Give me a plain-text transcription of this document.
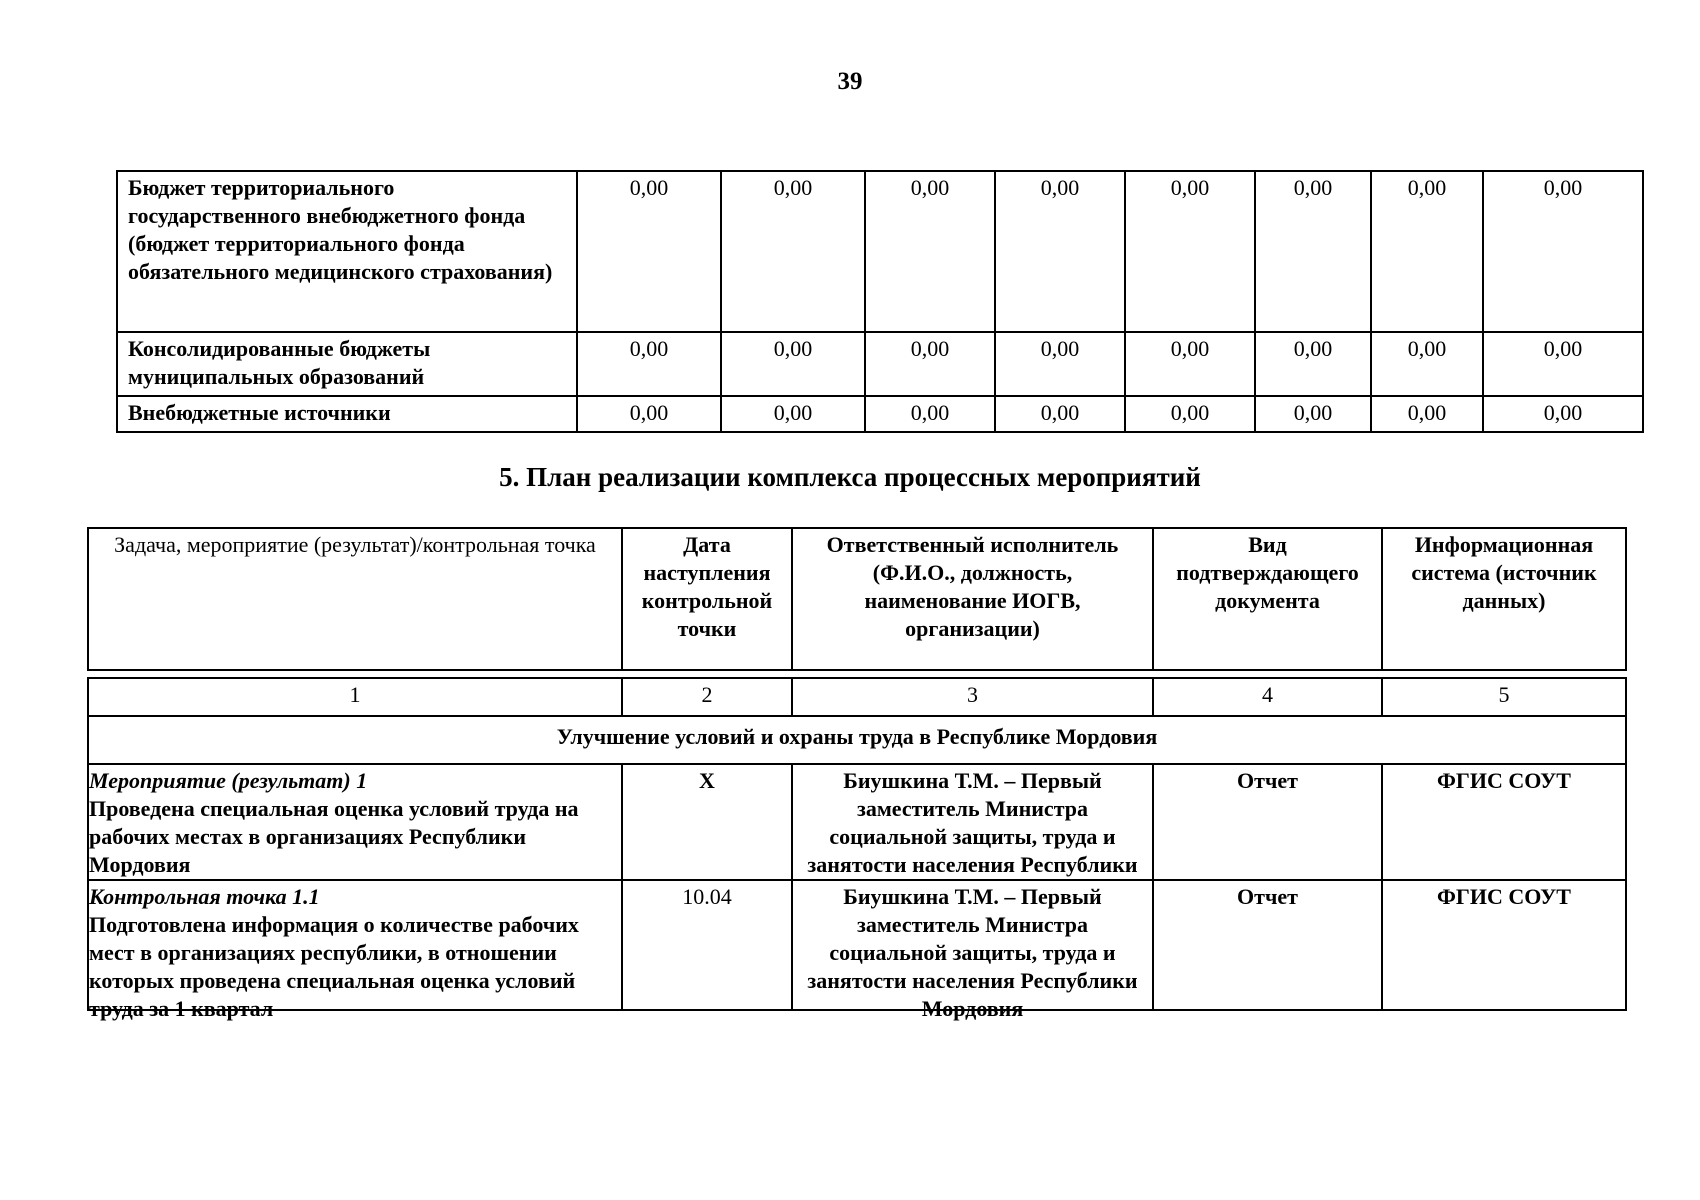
39
Бюджет территориального государственного внебюджетного фонда (бюджет территориального фонда обязательного медицинского страхования)	0,00	0,00	0,00	0,00	0,00	0,00	0,00	0,00
Консолидированные бюджеты муниципальных образований	0,00	0,00	0,00	0,00	0,00	0,00	0,00	0,00
Внебюджетные источники	0,00	0,00	0,00	0,00	0,00	0,00	0,00	0,00
5. План реализации комплекса процессных мероприятий
Задача, мероприятие (результат)/контрольная точка	Дата наступления контрольной точки	Ответственный исполнитель (Ф.И.О., должность, наименование ИОГВ, организации)	Вид подтверждающего документа	Информационная система (источник данных)
1	2	3	4	5
Улучшение условий и охраны труда в Республике Мордовия				

Мероприятие (результат) 1
Проведена специальная оценка условий труда на рабочих местах в организациях Республики Мордовия	X	Биушкина Т.М. – Первый заместитель Министра социальной защиты, труда и занятости населения Республики	Отчет	ФГИС СОУТ

Контрольная точка 1.1
Подготовлена информация о количестве рабочих мест в организациях республики, в отношении которых проведена специальная оценка условий труда за 1 квартал	10.04	Биушкина Т.М. – Первый заместитель Министра социальной защиты, труда и занятости населения Республики Мордовия	Отчет	ФГИС СОУТ
